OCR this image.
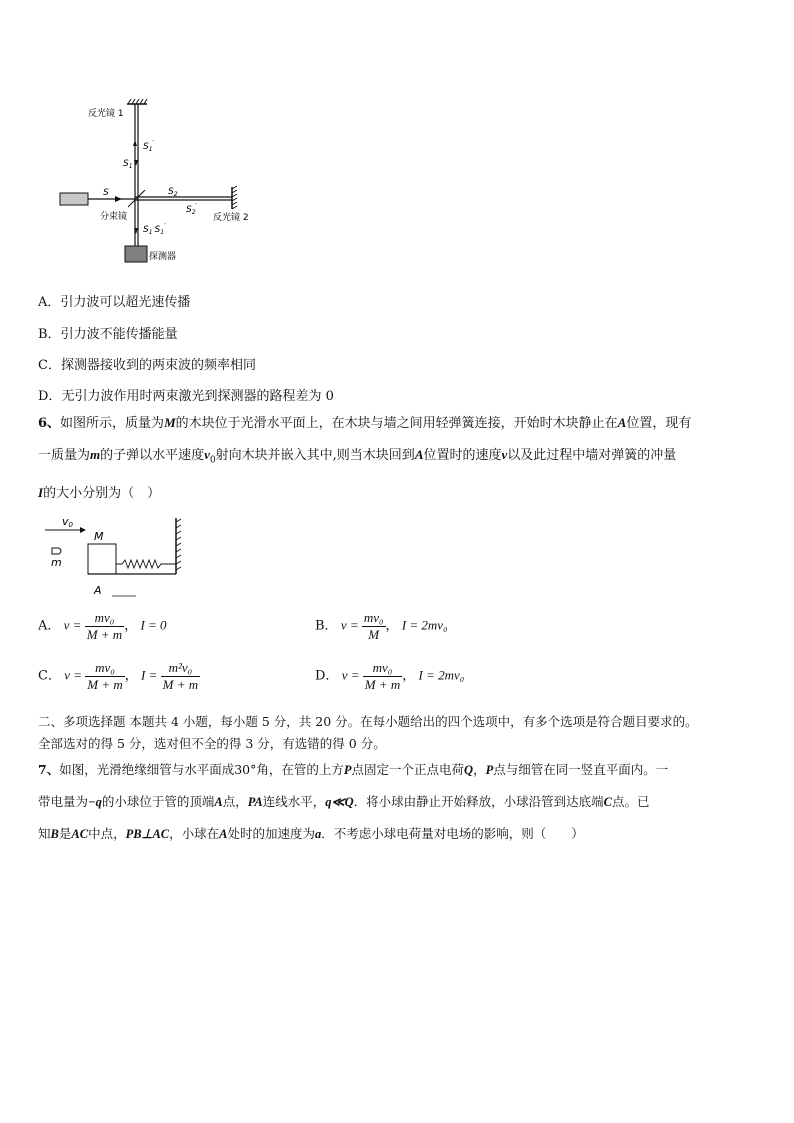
反光镜 1
$S_1'$
$S_1$
S	$S_2$
$S_2'$
分束镜	反光镜 2
$S_1$ $S_1'$
探测器
A．引力波可以超光速传播
B．引力波不能传播能量
C．探测器接收到的两束波的频率相同
D．无引力波作用时两束激光到探测器的路程差为 0
6、如图所示，质量为M的木块位于光滑水平面上，在木块与墙之间用轻弹簧连接，开始时木块静止在A位置，现有
一质量为m的子弹以水平速度$v_0$射向木块并嵌入其中,则当木块回到A位置时的速度v以及此过程中墙对弹簧的冲量
I的大小分别为（　）
v0
M
m
A
A． $v = \frac{\text{mv₀}}{M + m}$ ， I = 0	B． $v = \frac{\text{mv₀}}{M}$ ， I = 2mv₀
C． $v = \frac{\text{mv₀}}{M + m}$ ， $I = \frac{\text{m²v₀}}{M + m}$	D． $v = \frac{\text{mv₀}}{M + m}$ ， I = 2mv₀
二、多项选择题 本题共 4 小题，每小题 5 分，共 20 分。在每小题给出的四个选项中，有多个选项是符合题目要求的。
全部选对的得 5 分，选对但不全的得 3 分，有选错的得 0 分。
7、如图，光滑绝缘细管与水平面成30°角，在管的上方P点固定一个正点电荷Q，P点与细管在同一竖直平面内。一
带电量为−q的小球位于管的顶端A点，PA连线水平，q≪Q．将小球由静止开始释放，小球沿管到达底端C点。已
知B是AC中点，PB⊥AC，小球在A处时的加速度为a．不考虑小球电荷量对电场的影响，则（　　）
